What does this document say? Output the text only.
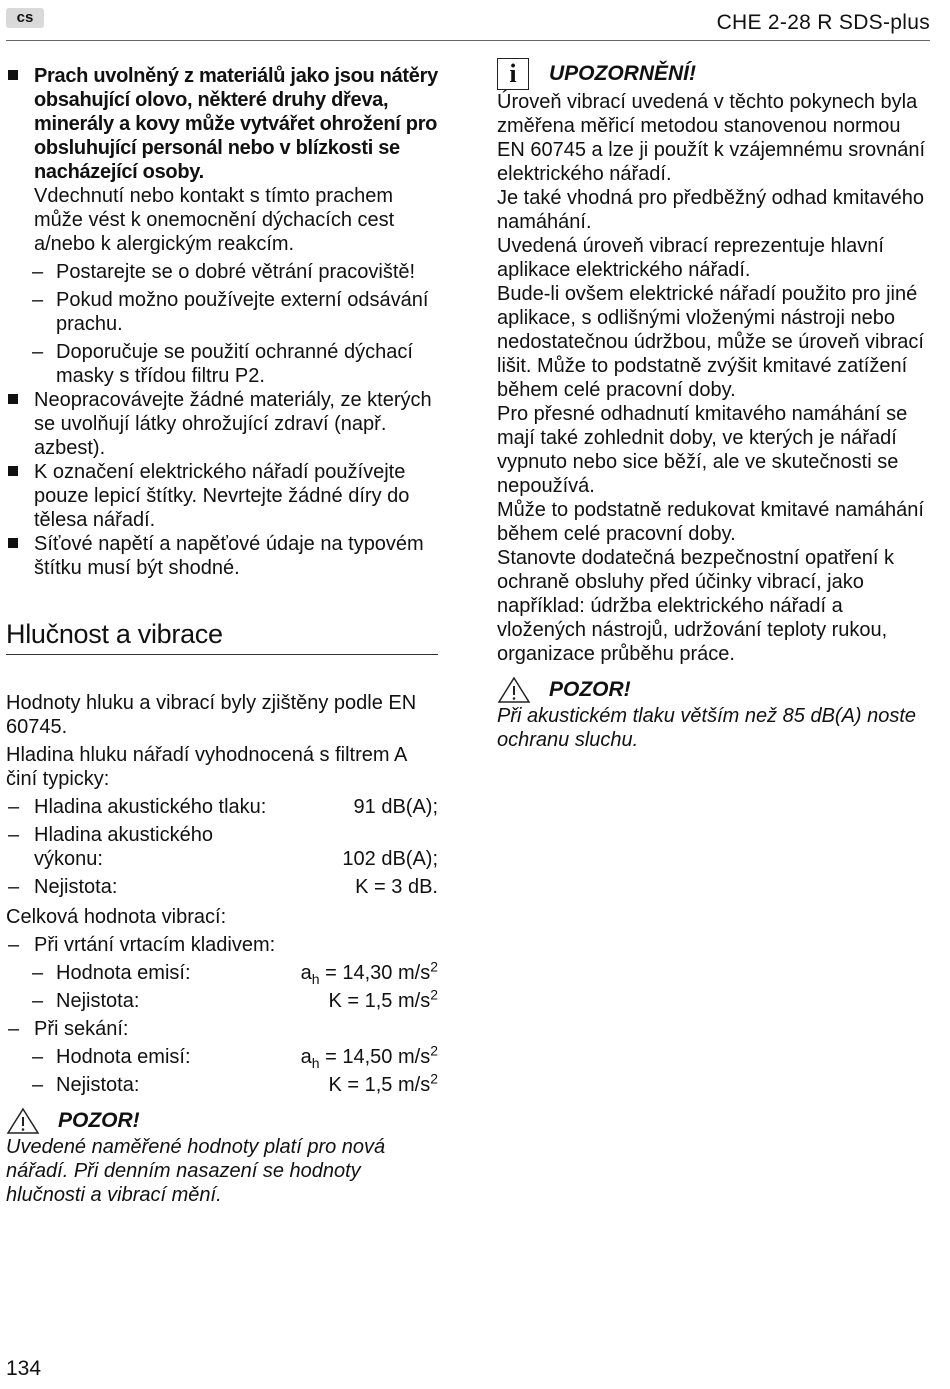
cs	CHE 2-28 R SDS-plus

Prach uvolněný z materiálů jako jsou nátěry obsahující olovo, některé druhy dřeva, minerály a kovy může vytvářet ohrožení pro obsluhující personál nebo v blízkosti se nacházející osoby.

Vdechnutí nebo kontakt s tímto prachem může vést k onemocnění dýchacích cest a/nebo k alergickým reakcím.

– Postarejte se o dobré větrání pracoviště!

– Pokud možno používejte externí odsávání prachu.

– Doporučuje se použití ochranné dýchací masky s třídou filtru P2.

Neopracovávejte žádné materiály, ze kterých se uvolňují látky ohrožující zdraví (např. azbest).

K označení elektrického nářadí používejte pouze lepicí štítky. Nevrtejte žádné díry do tělesa nářadí.

Síťové napětí a napěťové údaje na typovém štítku musí být shodné.

Hlučnost a vibrace

Hodnoty hluku a vibrací byly zjištěny podle EN 60745.

Hladina hluku nářadí vyhodnocená s filtrem A činí typicky:

– Hladina akustického tlaku:	91 dB(A);
– Hladina akustického
výkonu:	102 dB(A);
– Nejistota:	K = 3 dB.

Celková hodnota vibrací:

– Při vrtání vrtacím kladivem:

– Hodnota emisí:	$a_h = 14,30$ $m/s^2$
– Nejistota:	K = 1,5 $m/s^2$

– Při sekání:

– Hodnota emisí:	$a_h = 14,50$ $m/s^2$
– Nejistota:	K = 1,5 $m/s^2$
POZOR!

Uvedené naměřené hodnoty platí pro nová nářadí. Při denním nasazení se hodnoty hlučnosti a vibrací mění.

i UPOZORNĚNÍ!

Úroveň vibrací uvedená v těchto pokynech byla změřena měřicí metodou stanovenou normou EN 60745 a lze ji použít k vzájemnému srovnání elektrického nářadí.

Je také vhodná pro předběžný odhad kmitavého namáhání.

Uvedená úroveň vibrací reprezentuje hlavní aplikace elektrického nářadí.

Bude-li ovšem elektrické nářadí použito pro jiné aplikace, s odlišnými vloženými nástroji nebo nedostatečnou údržbou, může se úroveň vibrací lišit. Může to podstatně zvýšit kmitavé zatížení během celé pracovní doby.

Pro přesné odhadnutí kmitavého namáhání se mají také zohlednit doby, ve kterých je nářadí vypnuto nebo sice běží, ale ve skutečnosti se nepoužívá.

Může to podstatně redukovat kmitavé namáhání během celé pracovní doby.

Stanovte dodatečná bezpečnostní opatření k ochraně obsluhy před účinky vibrací, jako například: údržba elektrického nářadí a vložených nástrojů, udržování teploty rukou, organizace průběhu práce.

POZOR!

Při akustickém tlaku větším než 85 dB(A) noste ochranu sluchu.

134
